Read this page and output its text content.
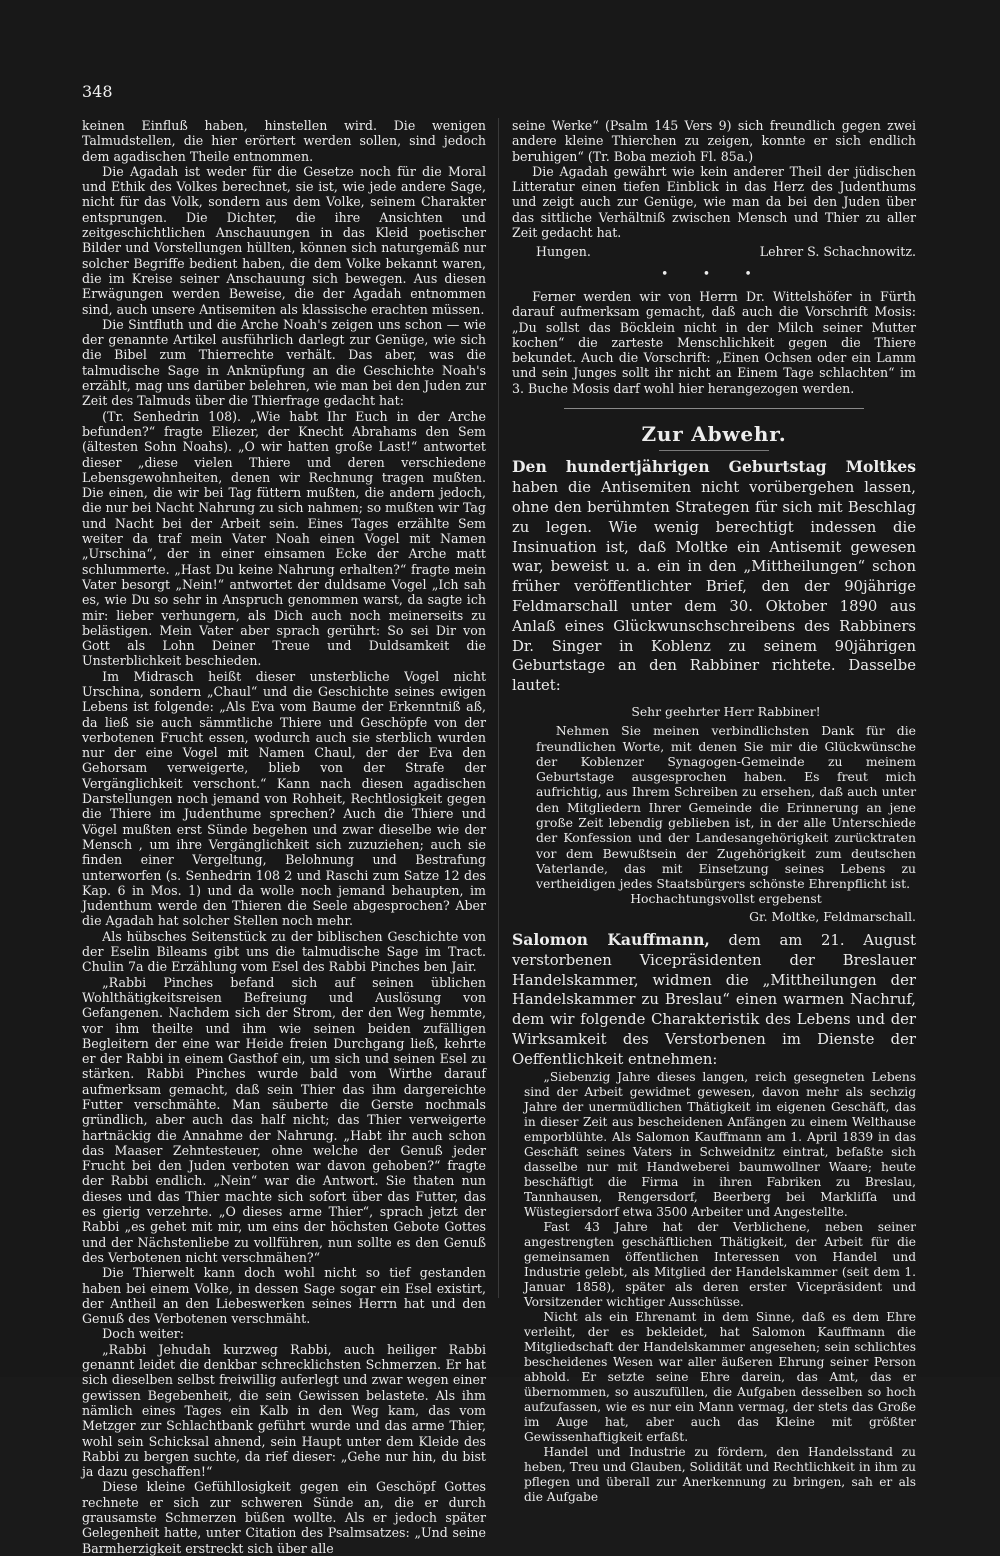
348

keinen Einfluß haben, hinstellen wird. Die wenigen Talmudstellen, die hier erörtert werden sollen, sind jedoch dem agadischen Theile entnommen.

Die Agadah ist weder für die Gesetze noch für die Moral und Ethik des Volkes berechnet, sie ist, wie jede andere Sage, nicht für das Volk, sondern aus dem Volke, seinem Charakter entsprungen. Die Dichter, die ihre Ansichten und zeitgeschichtlichen Anschauungen in das Kleid poetischer Bilder und Vorstellungen hüllten, können sich naturgemäß nur solcher Begriffe bedient haben, die dem Volke bekannt waren, die im Kreise seiner Anschauung sich bewegen. Aus diesen Erwägungen werden Beweise, die der Agadah entnommen sind, auch unsere Antisemiten als klassische erachten müssen.

Die Sintfluth und die Arche Noah's zeigen uns schon — wie der genannte Artikel ausführlich darlegt zur Genüge, wie sich die Bibel zum Thierrechte verhält. Das aber, was die talmudische Sage in Anknüpfung an die Geschichte Noah's erzählt, mag uns darüber belehren, wie man bei den Juden zur Zeit des Talmuds über die Thierfrage gedacht hat:

(Tr. Senhedrin 108). „Wie habt Ihr Euch in der Arche befunden?“ fragte Eliezer, der Knecht Abrahams den Sem (ältesten Sohn Noahs). „O wir hatten große Last!“ antwortet dieser „diese vielen Thiere und deren verschiedene Lebensgewohnheiten, denen wir Rechnung tragen mußten. Die einen, die wir bei Tag füttern mußten, die andern jedoch, die nur bei Nacht Nahrung zu sich nahmen; so mußten wir Tag und Nacht bei der Arbeit sein. Eines Tages erzählte Sem weiter da traf mein Vater Noah einen Vogel mit Namen „Urschina“, der in einer einsamen Ecke der Arche matt schlummerte. „Hast Du keine Nahrung erhalten?“ fragte mein Vater besorgt „Nein!“ antwortet der duldsame Vogel „Ich sah es, wie Du so sehr in Anspruch genommen warst, da sagte ich mir: lieber verhungern, als Dich auch noch meinerseits zu belästigen. Mein Vater aber sprach gerührt: So sei Dir von Gott als Lohn Deiner Treue und Duldsamkeit die Unsterblichkeit beschieden.

Im Midrasch heißt dieser unsterbliche Vogel nicht Urschina, sondern „Chaul“ und die Geschichte seines ewigen Lebens ist folgende: „Als Eva vom Baume der Erkenntniß aß, da ließ sie auch sämmtliche Thiere und Geschöpfe von der verbotenen Frucht essen, wodurch auch sie sterblich wurden nur der eine Vogel mit Namen Chaul, der der Eva den Gehorsam verweigerte, blieb von der Strafe der Vergänglichkeit verschont.“ Kann nach diesen agadischen Darstellungen noch jemand von Rohheit, Rechtlosigkeit gegen die Thiere im Judenthume sprechen? Auch die Thiere und Vögel mußten erst Sünde begehen und zwar dieselbe wie der Mensch , um ihre Vergänglichkeit sich zuzuziehen; auch sie finden einer Vergeltung, Belohnung und Bestrafung unterworfen (s. Senhedrin 108 2 und Raschi zum Satze 12 des Kap. 6 in Mos. 1) und da wolle noch jemand behaupten, im Judenthum werde den Thieren die Seele abgesprochen? Aber die Agadah hat solcher Stellen noch mehr.

Als hübsches Seitenstück zu der biblischen Geschichte von der Eselin Bileams gibt uns die talmudische Sage im Tract. Chulin 7a die Erzählung vom Esel des Rabbi Pinches ben Jair.

„Rabbi Pinches befand sich auf seinen üblichen Wohlthätigkeitsreisen Befreiung und Auslösung von Gefangenen. Nachdem sich der Strom, der den Weg hemmte, vor ihm theilte und ihm wie seinen beiden zufälligen Begleitern der eine war Heide freien Durchgang ließ, kehrte er der Rabbi in einem Gasthof ein, um sich und seinen Esel zu stärken. Rabbi Pinches wurde bald vom Wirthe darauf aufmerksam gemacht, daß sein Thier das ihm dargereichte Futter verschmähte. Man säuberte die Gerste nochmals gründlich, aber auch das half nicht; das Thier verweigerte hartnäckig die Annahme der Nahrung. „Habt ihr auch schon das Maaser Zehntesteuer, ohne welche der Genuß jeder Frucht bei den Juden verboten war davon gehoben?“ fragte der Rabbi endlich. „Nein“ war die Antwort. Sie thaten nun dieses und das Thier machte sich sofort über das Futter, das es gierig verzehrte. „O dieses arme Thier“, sprach jetzt der Rabbi „es gehet mit mir, um eins der höchsten Gebote Gottes und der Nächstenliebe zu vollführen, nun sollte es den Genuß des Verbotenen nicht verschmähen?“

Die Thierwelt kann doch wohl nicht so tief gestanden haben bei einem Volke, in dessen Sage sogar ein Esel existirt, der Antheil an den Liebeswerken seines Herrn hat und den Genuß des Verbotenen verschmäht.

Doch weiter:

„Rabbi Jehudah kurzweg Rabbi, auch heiliger Rabbi genannt leidet die denkbar schrecklichsten Schmerzen. Er hat sich dieselben selbst freiwillig auferlegt und zwar wegen einer gewissen Begebenheit, die sein Gewissen belastete. Als ihm nämlich eines Tages ein Kalb in den Weg kam, das vom Metzger zur Schlachtbank geführt wurde und das arme Thier, wohl sein Schicksal ahnend, sein Haupt unter dem Kleide des Rabbi zu bergen suchte, da rief dieser: „Gehe nur hin, du bist ja dazu geschaffen!“

Diese kleine Gefühllosigkeit gegen ein Geschöpf Gottes rechnete er sich zur schweren Sünde an, die er durch grausamste Schmerzen büßen wollte. Als er jedoch später Gelegenheit hatte, unter Citation des Psalmsatzes: „Und seine Barmherzigkeit erstreckt sich über alle

seine Werke“ (Psalm 145 Vers 9) sich freundlich gegen zwei andere kleine Thierchen zu zeigen, konnte er sich endlich beruhigen“ (Tr. Boba mezioh Fl. 85a.)

Die Agadah gewährt wie kein anderer Theil der jüdischen Litteratur einen tiefen Einblick in das Herz des Judenthums und zeigt auch zur Genüge, wie man da bei den Juden über das sittliche Verhältniß zwischen Mensch und Thier zu aller Zeit gedacht hat.

Hungen.	Lehrer S. Schachnowitz.
• • •

Ferner werden wir von Herrn Dr. Wittelshöfer in Fürth darauf aufmerksam gemacht, daß auch die Vorschrift Mosis: „Du sollst das Böcklein nicht in der Milch seiner Mutter kochen“ die zarteste Menschlichkeit gegen die Thiere bekundet. Auch die Vorschrift: „Einen Ochsen oder ein Lamm und sein Junges sollt ihr nicht an Einem Tage schlachten“ im 3. Buche Mosis darf wohl hier herangezogen werden.

Zur Abwehr.

Den hundertjährigen Geburtstag Moltkes haben die Antisemiten nicht vorübergehen lassen, ohne den berühmten Strategen für sich mit Beschlag zu legen. Wie wenig berechtigt indessen die Insinuation ist, daß Moltke ein Antisemit gewesen war, beweist u. a. ein in den „Mittheilungen“ schon früher veröffentlichter Brief, den der 90jährige Feldmarschall unter dem 30. Oktober 1890 aus Anlaß eines Glückwunschschreibens des Rabbiners Dr. Singer in Koblenz zu seinem 90jährigen Geburtstage an den Rabbiner richtete. Dasselbe lautet:

Sehr geehrter Herr Rabbiner!

Nehmen Sie meinen verbindlichsten Dank für die freundlichen Worte, mit denen Sie mir die Glückwünsche der Koblenzer Synagogen-Gemeinde zu meinem Geburtstage ausgesprochen haben. Es freut mich aufrichtig, aus Ihrem Schreiben zu ersehen, daß auch unter den Mitgliedern Ihrer Gemeinde die Erinnerung an jene große Zeit lebendig geblieben ist, in der alle Unterschiede der Konfession und der Landesangehörigkeit zurücktraten vor dem Bewußtsein der Zugehörigkeit zum deutschen Vaterlande, das mit Einsetzung seines Lebens zu vertheidigen jedes Staatsbürgers schönste Ehrenpflicht ist.

Hochachtungsvollst ergebenst

Gr. Moltke, Feldmarschall.

Salomon Kauffmann, dem am 21. August verstorbenen Vicepräsidenten der Breslauer Handelskammer, widmen die „Mittheilungen der Handelskammer zu Breslau“ einen warmen Nachruf, dem wir folgende Charakteristik des Lebens und der Wirksamkeit des Verstorbenen im Dienste der Oeffentlichkeit entnehmen:

„Siebenzig Jahre dieses langen, reich gesegneten Lebens sind der Arbeit gewidmet gewesen, davon mehr als sechzig Jahre der unermüdlichen Thätigkeit im eigenen Geschäft, das in dieser Zeit aus bescheidenen Anfängen zu einem Welthause emporblühte. Als Salomon Kauffmann am 1. April 1839 in das Geschäft seines Vaters in Schweidnitz eintrat, befaßte sich dasselbe nur mit Handweberei baumwollner Waare; heute beschäftigt die Firma in ihren Fabriken zu Breslau, Tannhausen, Rengersdorf, Beerberg bei Markliſſa und Wüstegiersdorf etwa 3500 Arbeiter und Angestellte.

Fast 43 Jahre hat der Verblichene, neben seiner angestrengten geschäftlichen Thätigkeit, der Arbeit für die gemeinsamen öffentlichen Interessen von Handel und Industrie gelebt, als Mitglied der Handelskammer (seit dem 1. Januar 1858), später als deren erster Vicepräsident und Vorsitzender wichtiger Ausschüsse.

Nicht als ein Ehrenamt in dem Sinne, daß es dem Ehre verleiht, der es bekleidet, hat Salomon Kauffmann die Mitgliedschaft der Handelskammer angesehen; sein schlichtes bescheidenes Wesen war aller äußeren Ehrung seiner Person abhold. Er setzte seine Ehre darein, das Amt, das er übernommen, so auszufüllen, die Aufgaben desselben so hoch aufzufassen, wie es nur ein Mann vermag, der stets das Große im Auge hat, aber auch das Kleine mit größter Gewissenhaftigkeit erfaßt.

Handel und Industrie zu fördern, den Handelsstand zu heben, Treu und Glauben, Solidität und Rechtlichkeit in ihm zu pflegen und überall zur Anerkennung zu bringen, sah er als die Aufgabe
